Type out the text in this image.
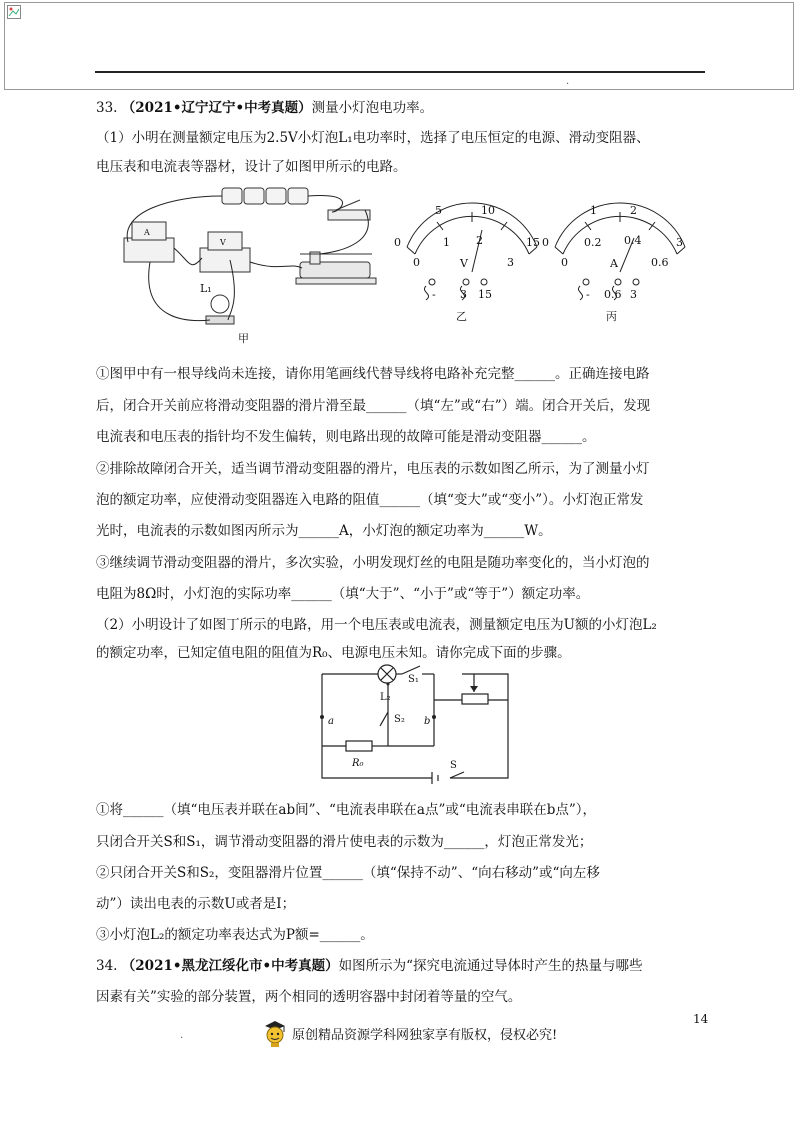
.
33. （2021•辽宁辽宁•中考真题）测量小灯泡电功率。
（1）小明在测量额定电压为2.5V小灯泡L₁电功率时，选择了电压恒定的电源、滑动变阻器、
电压表和电流表等器材，设计了如图甲所示的电路。
A
V
L₁
甲
5	10
0	15
0
1 2
3
V
- 3 15
乙
1	2
0	3
0
0.2 0.4
0.6
A
- 0.6 3
丙
①图甲中有一根导线尚未连接，请你用笔画线代替导线将电路补充完整______。正确连接电路
后，闭合开关前应将滑动变阻器的滑片滑至最______（填“左”或“右”）端。闭合开关后，发现
电流表和电压表的指针均不发生偏转，则电路出现的故障可能是滑动变阻器______。
②排除故障闭合开关，适当调节滑动变阻器的滑片，电压表的示数如图乙所示，为了测量小灯
泡的额定功率，应使滑动变阻器连入电路的阻值______（填“变大”或“变小”）。小灯泡正常发
光时，电流表的示数如图丙所示为______A，小灯泡的额定功率为______W。
③继续调节滑动变阻器的滑片，多次实验，小明发现灯丝的电阻是随功率变化的，当小灯泡的
电阻为8Ω时，小灯泡的实际功率______（填“大于”、“小于”或“等于”）额定功率。
（2）小明设计了如图丁所示的电路，用一个电压表或电流表，测量额定电压为U额的小灯泡L₂
的额定功率，已知定值电阻的阻值为R₀、电源电压未知。请你完成下面的步骤。
L₂
S₁
S₂
a	b
R₀	S
①将______（填“电压表并联在ab间”、“电流表串联在a点”或“电流表串联在b点”），
只闭合开关S和S₁，调节滑动变阻器的滑片使电表的示数为______，灯泡正常发光；
②只闭合开关S和S₂，变阻器滑片位置______（填“保持不动”、“向右移动”或“向左移
动”）读出电表的示数U或者是I；
③小灯泡L₂的额定功率表达式为P额=______。
34. （2021•黑龙江绥化市•中考真题）如图所示为“探究电流通过导体时产生的热量与哪些
因素有关”实验的部分装置，两个相同的透明容器中封闭着等量的空气。
14
.	原创精品资源学科网独家享有版权，侵权必究!
